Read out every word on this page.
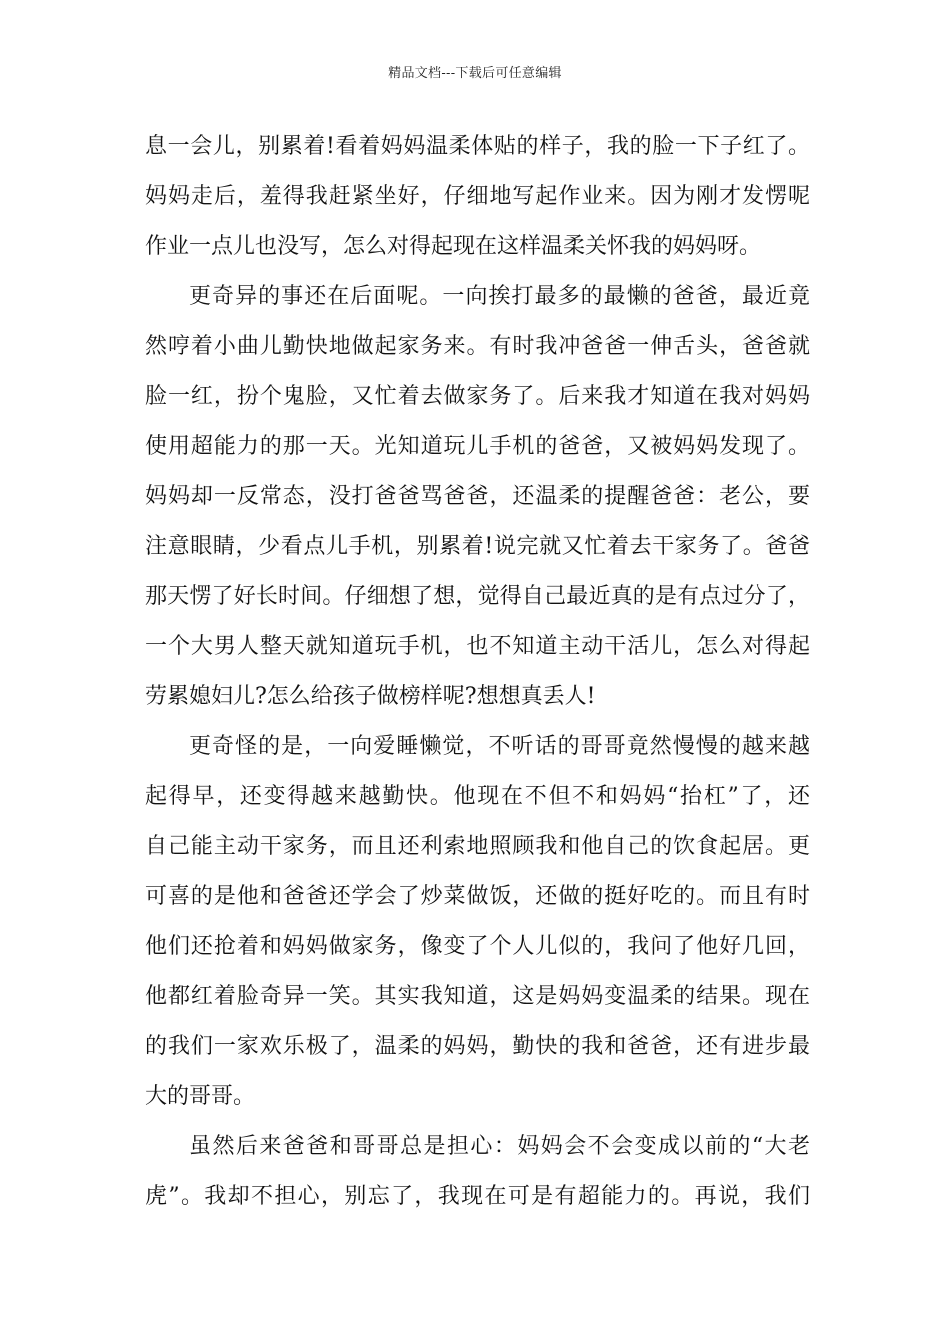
精品文档---下载后可任意编辑
息一会儿，别累着!看着妈妈温柔体贴的样子，我的脸一下子红了。
妈妈走后，羞得我赶紧坐好，仔细地写起作业来。因为刚才发愣呢
作业一点儿也没写，怎么对得起现在这样温柔关怀我的妈妈呀。
更奇异的事还在后面呢。一向挨打最多的最懒的爸爸，最近竟
然哼着小曲儿勤快地做起家务来。有时我冲爸爸一伸舌头，爸爸就
脸一红，扮个鬼脸，又忙着去做家务了。后来我才知道在我对妈妈
使用超能力的那一天。光知道玩儿手机的爸爸，又被妈妈发现了。
妈妈却一反常态，没打爸爸骂爸爸，还温柔的提醒爸爸：老公，要
注意眼睛，少看点儿手机，别累着!说完就又忙着去干家务了。爸爸
那天愣了好长时间。仔细想了想，觉得自己最近真的是有点过分了，
一个大男人整天就知道玩手机，也不知道主动干活儿，怎么对得起
劳累媳妇儿?怎么给孩子做榜样呢?想想真丢人!
更奇怪的是，一向爱睡懒觉，不听话的哥哥竟然慢慢的越来越
起得早，还变得越来越勤快。他现在不但不和妈妈“抬杠”了，还
自己能主动干家务，而且还利索地照顾我和他自己的饮食起居。更
可喜的是他和爸爸还学会了炒菜做饭，还做的挺好吃的。而且有时
他们还抢着和妈妈做家务，像变了个人儿似的，我问了他好几回，
他都红着脸奇异一笑。其实我知道，这是妈妈变温柔的结果。现在
的我们一家欢乐极了，温柔的妈妈，勤快的我和爸爸，还有进步最
大的哥哥。
虽然后来爸爸和哥哥总是担心：妈妈会不会变成以前的“大老
虎”。我却不担心，别忘了，我现在可是有超能力的。再说，我们
